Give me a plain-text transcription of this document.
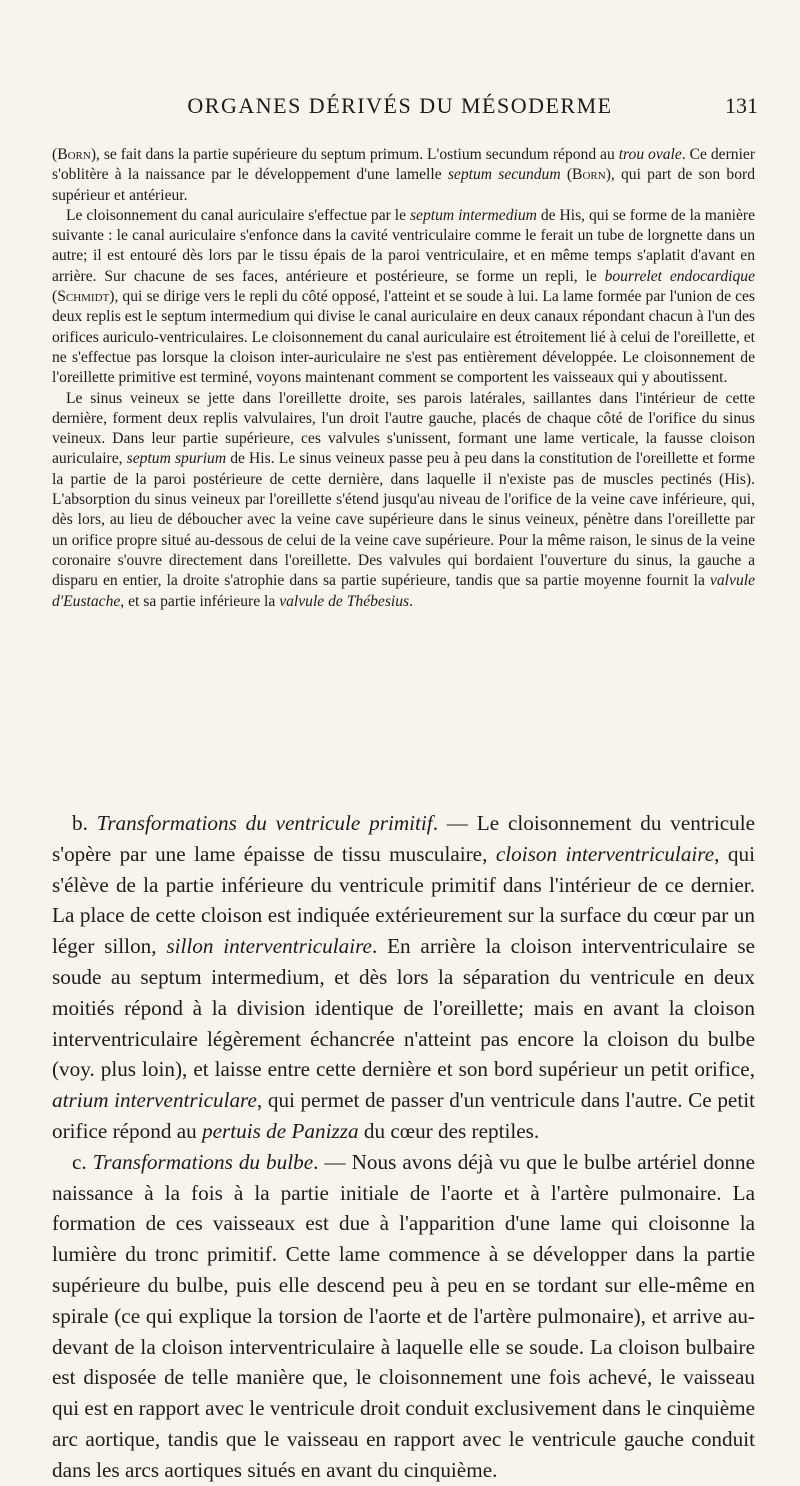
ORGANES DÉRIVÉS DU MÉSODERME	131

(Born), se fait dans la partie supérieure du septum primum. L'ostium secundum répond au trou ovale. Ce dernier s'oblitère à la naissance par le développement d'une lamelle septum secundum (Born), qui part de son bord supérieur et antérieur.

Le cloisonnement du canal auriculaire s'effectue par le septum intermedium de His, qui se forme de la manière suivante : le canal auriculaire s'enfonce dans la cavité ventriculaire comme le ferait un tube de lorgnette dans un autre; il est entouré dès lors par le tissu épais de la paroi ventriculaire, et en même temps s'aplatit d'avant en arrière. Sur chacune de ses faces, antérieure et postérieure, se forme un repli, le bourrelet endocardique (Schmidt), qui se dirige vers le repli du côté opposé, l'atteint et se soude à lui. La lame formée par l'union de ces deux replis est le septum intermedium qui divise le canal auriculaire en deux canaux répondant chacun à l'un des orifices auriculo-ventriculaires. Le cloisonnement du canal auriculaire est étroitement lié à celui de l'oreillette, et ne s'effectue pas lorsque la cloison inter-auriculaire ne s'est pas entièrement développée. Le cloisonnement de l'oreillette primitive est terminé, voyons maintenant comment se comportent les vaisseaux qui y aboutissent.

Le sinus veineux se jette dans l'oreillette droite, ses parois latérales, saillantes dans l'intérieur de cette dernière, forment deux replis valvulaires, l'un droit l'autre gauche, placés de chaque côté de l'orifice du sinus veineux. Dans leur partie supérieure, ces valvules s'unissent, formant une lame verticale, la fausse cloison auriculaire, septum spurium de His. Le sinus veineux passe peu à peu dans la constitution de l'oreillette et forme la partie de la paroi postérieure de cette dernière, dans laquelle il n'existe pas de muscles pectinés (His). L'absorption du sinus veineux par l'oreillette s'étend jusqu'au niveau de l'orifice de la veine cave inférieure, qui, dès lors, au lieu de déboucher avec la veine cave supérieure dans le sinus veineux, pénètre dans l'oreillette par un orifice propre situé au-dessous de celui de la veine cave supérieure. Pour la même raison, le sinus de la veine coronaire s'ouvre directement dans l'oreillette. Des valvules qui bordaient l'ouverture du sinus, la gauche a disparu en entier, la droite s'atrophie dans sa partie supérieure, tandis que sa partie moyenne fournit la valvule d'Eustache, et sa partie inférieure la valvule de Thébesius.

b. Transformations du ventricule primitif. — Le cloisonnement du ventricule s'opère par une lame épaisse de tissu musculaire, cloison interventriculaire, qui s'élève de la partie inférieure du ventricule primitif dans l'intérieur de ce dernier. La place de cette cloison est indiquée extérieurement sur la surface du cœur par un léger sillon, sillon interventriculaire. En arrière la cloison interventriculaire se soude au septum intermedium, et dès lors la séparation du ventricule en deux moitiés répond à la division identique de l'oreillette; mais en avant la cloison interventriculaire légèrement échancrée n'atteint pas encore la cloison du bulbe (voy. plus loin), et laisse entre cette dernière et son bord supérieur un petit orifice, atrium interventriculare, qui permet de passer d'un ventricule dans l'autre. Ce petit orifice répond au pertuis de Panizza du cœur des reptiles.

c. Transformations du bulbe. — Nous avons déjà vu que le bulbe artériel donne naissance à la fois à la partie initiale de l'aorte et à l'artère pulmonaire. La formation de ces vaisseaux est due à l'apparition d'une lame qui cloisonne la lumière du tronc primitif. Cette lame commence à se développer dans la partie supérieure du bulbe, puis elle descend peu à peu en se tordant sur elle-même en spirale (ce qui explique la torsion de l'aorte et de l'artère pulmonaire), et arrive au-devant de la cloison interventriculaire à laquelle elle se soude. La cloison bulbaire est disposée de telle manière que, le cloisonnement une fois achevé, le vaisseau qui est en rapport avec le ventricule droit conduit exclusivement dans le cinquième arc aortique, tandis que le vaisseau en rapport avec le ventricule gauche conduit dans les arcs aortiques situés en avant du cinquième.
